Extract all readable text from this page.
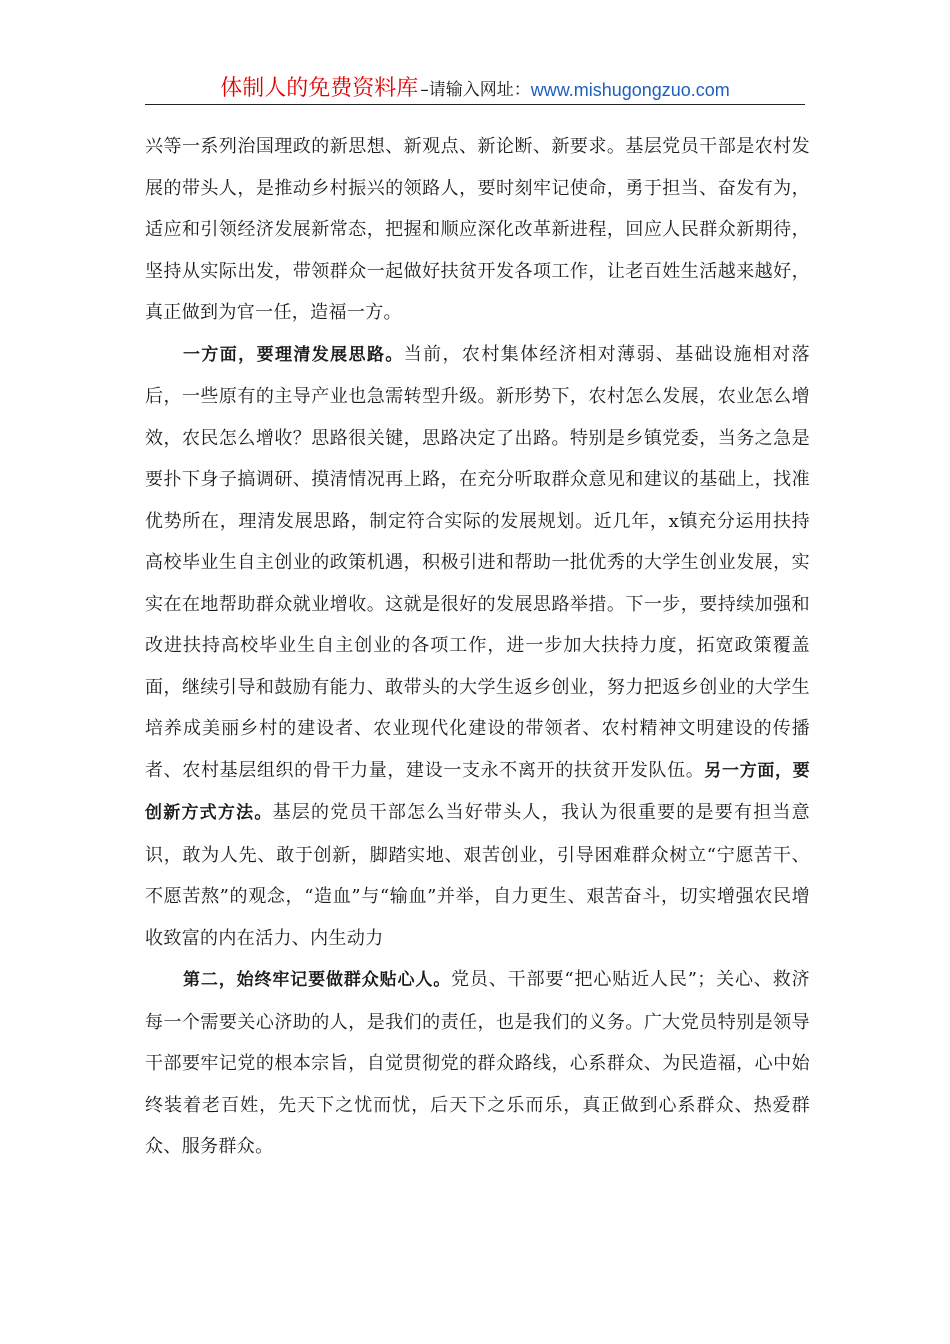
体制人的免费资料库 –请输入网址： www.mishugongzuo.com

兴等一系列治国理政的新思想、新观点、新论断、新要求。基层党员干部是农村发展的带头人，是推动乡村振兴的领路人，要时刻牢记使命，勇于担当、奋发有为，适应和引领经济发展新常态，把握和顺应深化改革新进程，回应人民群众新期待，坚持从实际出发，带领群众一起做好扶贫开发各项工作，让老百姓生活越来越好，真正做到为官一任，造福一方。

一方面，要理清发展思路。当前，农村集体经济相对薄弱、基础设施相对落后，一些原有的主导产业也急需转型升级。新形势下，农村怎么发展，农业怎么增效，农民怎么增收？思路很关键，思路决定了出路。特别是乡镇党委，当务之急是要扑下身子搞调研、摸清情况再上路，在充分听取群众意见和建议的基础上，找准优势所在，理清发展思路，制定符合实际的发展规划。近几年，x镇充分运用扶持高校毕业生自主创业的政策机遇，积极引进和帮助一批优秀的大学生创业发展，实实在在地帮助群众就业增收。这就是很好的发展思路举措。下一步，要持续加强和改进扶持高校毕业生自主创业的各项工作，进一步加大扶持力度，拓宽政策覆盖面，继续引导和鼓励有能力、敢带头的大学生返乡创业，努力把返乡创业的大学生培养成美丽乡村的建设者、农业现代化建设的带领者、农村精神文明建设的传播者、农村基层组织的骨干力量，建设一支永不离开的扶贫开发队伍。另一方面，要创新方式方法。基层的党员干部怎么当好带头人，我认为很重要的是要有担当意识，敢为人先、敢于创新，脚踏实地、艰苦创业，引导困难群众树立“宁愿苦干、不愿苦熬”的观念，“造血”与“输血”并举，自力更生、艰苦奋斗，切实增强农民增收致富的内在活力、内生动力

第二，始终牢记要做群众贴心人。党员、干部要“把心贴近人民”；关心、救济每一个需要关心济助的人，是我们的责任，也是我们的义务。广大党员特别是领导干部要牢记党的根本宗旨，自觉贯彻党的群众路线，心系群众、为民造福，心中始终装着老百姓，先天下之忧而忧，后天下之乐而乐，真正做到心系群众、热爱群众、服务群众。
